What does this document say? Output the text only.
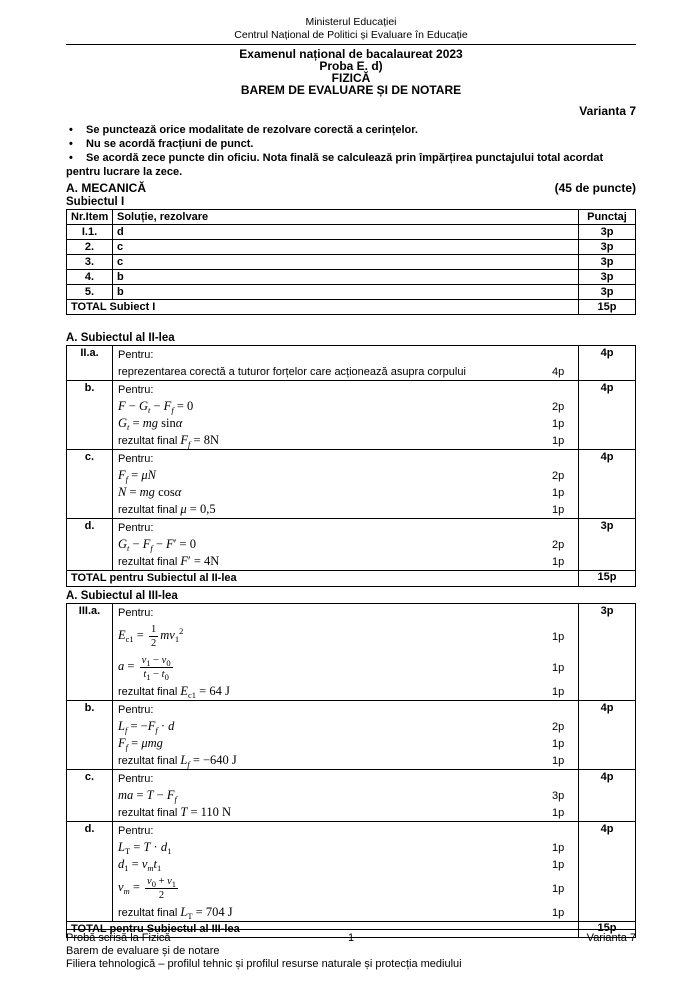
Ministerul Educației
Centrul Național de Politici și Evaluare în Educație
Examenul național de bacalaureat 2023
Proba E. d)
FIZICĂ
BAREM DE EVALUARE ȘI DE NOTARE
Varianta 7
• Se punctează orice modalitate de rezolvare corectă a cerințelor.
• Nu se acordă fracțiuni de punct.
• Se acordă zece puncte din oficiu. Nota finală se calculează prin împărțirea punctajului total acordat pentru lucrare la zece.
A. MECANICĂ	(45 de puncte)
Subiectul I
Nr.Item	Soluție, rezolvare	Punctaj
I.1.	d	3p
2.	c	3p
3.	c	3p
4.	b	3p
5.	b	3p
TOTAL Subiect I		15p
A. Subiectul al II-lea
II.a.	Pentru:
reprezentarea corectă a tuturor forțelor care acționează asupra corpului 4p	4p
b.	Pentru:
$F - G_t - F_f = 0$	2p
$G_t$ = mg sinα	1p
rezultat final $F_f = 8N$	1p
	4p
c.	Pentru:
$F_f = \mu N$	2p
N = mg cosα	1p
rezultat final μ = 0,5	1p
	4p
d.	Pentru:
$G_t - F_f - F' = 0$ 2p
rezultat final F′ = 4N 1p	3p
TOTAL pentru Subiectul al II-lea		15p
A. Subiectul al III-lea
III.a.	Pentru:
$E_{c1} = \frac{1}{2} mv_1^2$	1p
$a = \frac{v_1 - v_0}{t_1 - t_0}$	1p
rezultat final $E_{c1} = 64$ J	1p
	3p
b.	Pentru:
$L_f = -F_f \cdot d$	2p
$F_f = \mu mg$	1p
rezultat final $L_f = -640$ J	1p
	4p
c.	Pentru:
ma = $T - F_f$ 3p
rezultat final T = 110 N 1p	4p
d.	Pentru:
$L_T = T \cdot d_1$	1p
$d_1 = v_mt_1$	1p
$v_m = \frac{v_0 + v_1}{2}$	1p
rezultat final $L_T = 704$ J	1p
	4p
TOTAL pentru Subiectul al III-lea		15p
Probă scrisă la Fizică	1	Varianta 7
Barem de evaluare și de notare
Filiera tehnologică – profilul tehnic și profilul resurse naturale și protecția mediului
